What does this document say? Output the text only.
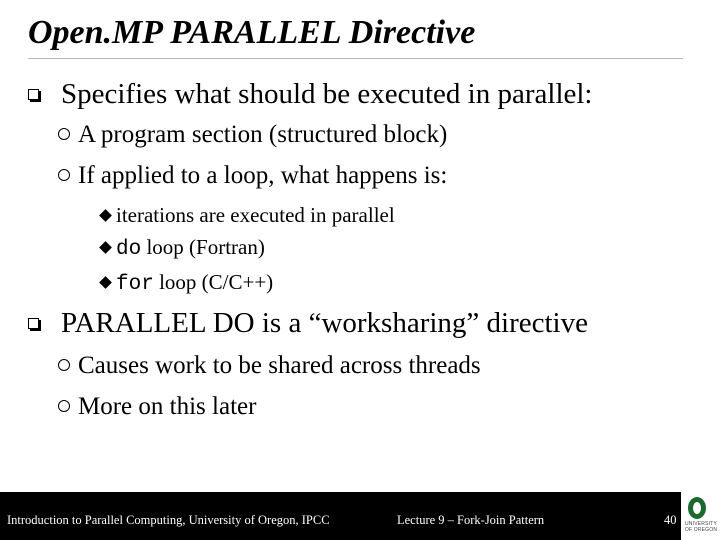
Open.MP PARALLEL Directive
Specifies what should be executed in parallel:
A program section (structured block)
If applied to a loop, what happens is:
iterations are executed in parallel
do loop (Fortran)
for loop (C/C++)
PARALLEL DO is a “worksharing” directive
Causes work to be shared across threads
More on this later
Introduction to Parallel Computing, University of Oregon, IPCC	Lecture 9 – Fork-Join Pattern	40	UNIVERSITY
OF OREGON
